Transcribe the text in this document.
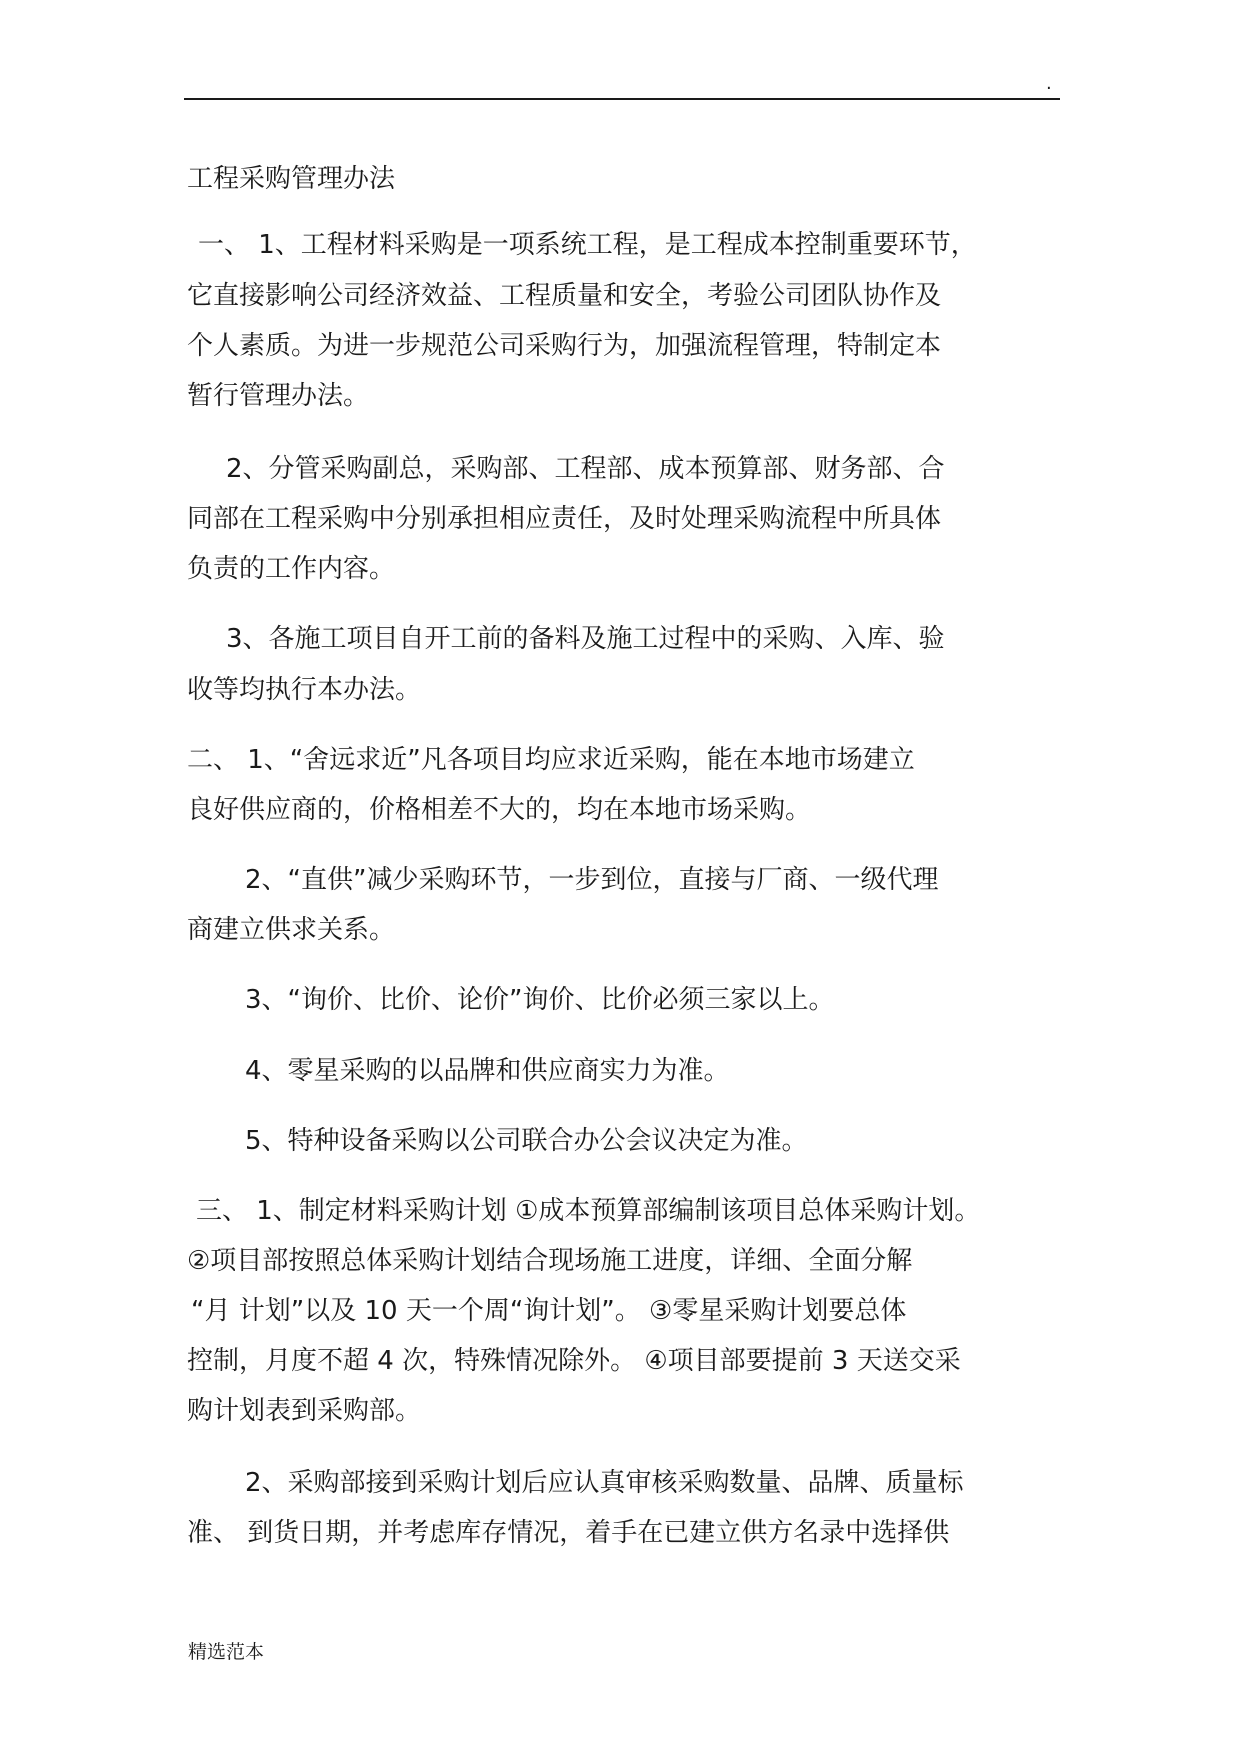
.
工程采购管理办法
一、 1、工程材料采购是一项系统工程，是工程成本控制重要环节，
它直接影响公司经济效益、工程质量和安全，考验公司团队协作及
个人素质。为进一步规范公司采购行为，加强流程管理，特制定本
暂行管理办法。
2、分管采购副总，采购部、工程部、成本预算部、财务部、合
同部在工程采购中分别承担相应责任，及时处理采购流程中所具体
负责的工作内容。
3、各施工项目自开工前的备料及施工过程中的采购、入库、验
收等均执行本办法。
二、 1、“舍远求近”凡各项目均应求近采购，能在本地市场建立
良好供应商的，价格相差不大的，均在本地市场采购。
2、“直供”减少采购环节，一步到位，直接与厂商、一级代理
商建立供求关系。
3、“询价、比价、论价”询价、比价必须三家以上。
4、零星采购的以品牌和供应商实力为准。
5、特种设备采购以公司联合办公会议决定为准。
三、 1、制定材料采购计划 ①成本预算部编制该项目总体采购计划。
②项目部按照总体采购计划结合现场施工进度，详细、全面分解
“月 计划”以及 10 天一个周“询计划”。 ③零星采购计划要总体
控制，月度不超 4 次，特殊情况除外。 ④项目部要提前 3 天送交采
购计划表到采购部。
2、采购部接到采购计划后应认真审核采购数量、品牌、质量标
准、 到货日期，并考虑库存情况，着手在已建立供方名录中选择供
精选范本
